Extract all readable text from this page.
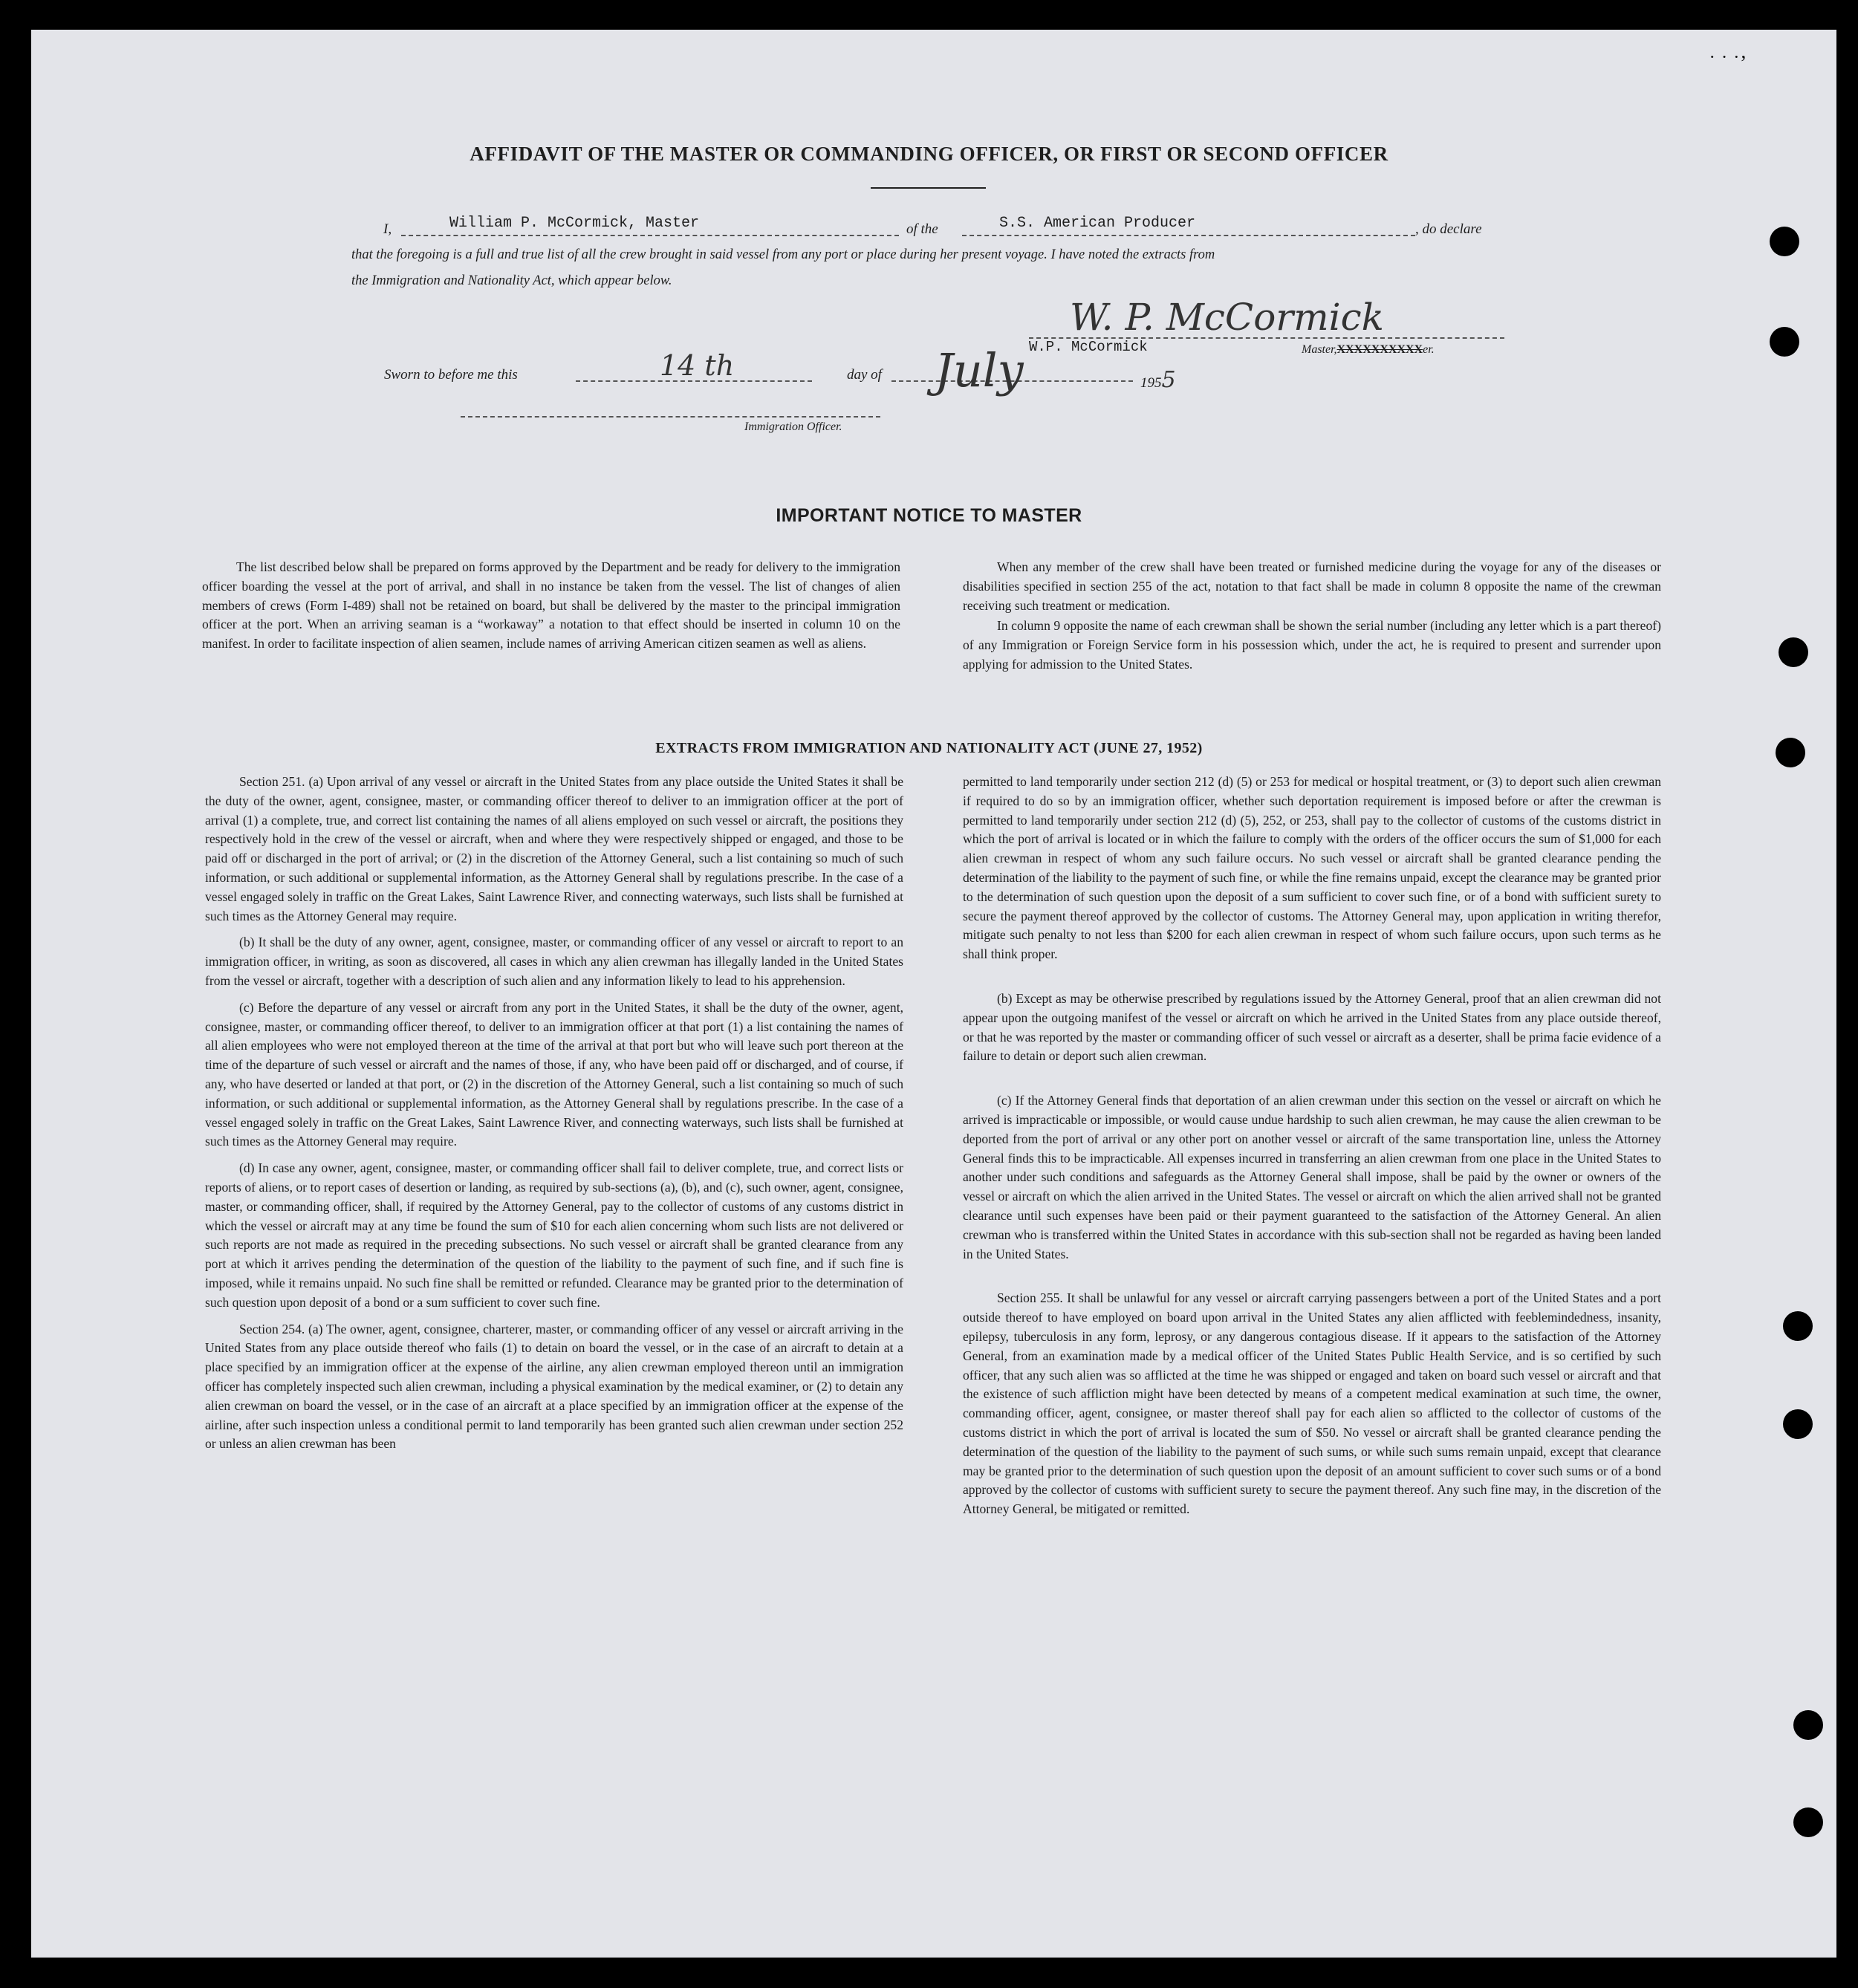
˙ ˙ ˙ʼ
AFFIDAVIT OF THE MASTER OR COMMANDING OFFICER, OR FIRST OR SECOND OFFICER
I,	William P. McCormick, Master	of the	S.S. American Producer	, do declare
that the foregoing is a full and true list of all the crew brought in said vessel from any port or place during her present voyage. I have noted the extracts from
the Immigration and Nationality Act, which appear below.
W. P. McCormick
W.P. McCormick	Master,XXXXXXXXXXer.
Sworn to before me this	14 th	day of July	1955
Immigration Officer.
IMPORTANT NOTICE TO MASTER

The list described below shall be prepared on forms approved by the Department and be ready for delivery to the immigration officer boarding the vessel at the port of arrival, and shall in no instance be taken from the vessel. The list of changes of alien members of crews (Form I-489) shall not be retained on board, but shall be delivered by the master to the principal immigration officer at the port. When an arriving seaman is a “workaway” a notation to that effect should be inserted in column 10 on the manifest. In order to facilitate inspection of alien seamen, include names of arriving American citizen seamen as well as aliens.

When any member of the crew shall have been treated or furnished medicine during the voyage for any of the diseases or disabilities specified in section 255 of the act, notation to that fact shall be made in column 8 opposite the name of the crewman receiving such treatment or medication.

In column 9 opposite the name of each crewman shall be shown the serial number (including any letter which is a part thereof) of any Immigration or Foreign Service form in his possession which, under the act, he is required to present and surrender upon applying for admission to the United States.

EXTRACTS FROM IMMIGRATION AND NATIONALITY ACT (JUNE 27, 1952)

Section 251. (a) Upon arrival of any vessel or aircraft in the United States from any place outside the United States it shall be the duty of the owner, agent, consignee, master, or commanding officer thereof to deliver to an immigration officer at the port of arrival (1) a complete, true, and correct list containing the names of all aliens employed on such vessel or aircraft, the positions they respectively hold in the crew of the vessel or aircraft, when and where they were respectively shipped or engaged, and those to be paid off or discharged in the port of arrival; or (2) in the discretion of the Attorney General, such a list containing so much of such information, or such additional or supplemental information, as the Attorney General shall by regulations prescribe. In the case of a vessel engaged solely in traffic on the Great Lakes, Saint Lawrence River, and connecting waterways, such lists shall be furnished at such times as the Attorney General may require.

(b) It shall be the duty of any owner, agent, consignee, master, or commanding officer of any vessel or aircraft to report to an immigration officer, in writing, as soon as discovered, all cases in which any alien crewman has illegally landed in the United States from the vessel or aircraft, together with a description of such alien and any information likely to lead to his apprehension.

(c) Before the departure of any vessel or aircraft from any port in the United States, it shall be the duty of the owner, agent, consignee, master, or commanding officer thereof, to deliver to an immigration officer at that port (1) a list containing the names of all alien employees who were not employed thereon at the time of the arrival at that port but who will leave such port thereon at the time of the departure of such vessel or aircraft and the names of those, if any, who have been paid off or discharged, and of course, if any, who have deserted or landed at that port, or (2) in the discretion of the Attorney General, such a list containing so much of such information, or such additional or supplemental information, as the Attorney General shall by regulations prescribe. In the case of a vessel engaged solely in traffic on the Great Lakes, Saint Lawrence River, and connecting waterways, such lists shall be furnished at such times as the Attorney General may require.

(d) In case any owner, agent, consignee, master, or commanding officer shall fail to deliver complete, true, and correct lists or reports of aliens, or to report cases of desertion or landing, as required by sub-sections (a), (b), and (c), such owner, agent, consignee, master, or commanding officer, shall, if required by the Attorney General, pay to the collector of customs of any customs district in which the vessel or aircraft may at any time be found the sum of $10 for each alien concerning whom such lists are not delivered or such reports are not made as required in the preceding subsections. No such vessel or aircraft shall be granted clearance from any port at which it arrives pending the determination of the question of the liability to the payment of such fine, and if such fine is imposed, while it remains unpaid. No such fine shall be remitted or refunded. Clearance may be granted prior to the determination of such question upon deposit of a bond or a sum sufficient to cover such fine.

Section 254. (a) The owner, agent, consignee, charterer, master, or commanding officer of any vessel or aircraft arriving in the United States from any place outside thereof who fails (1) to detain on board the vessel, or in the case of an aircraft to detain at a place specified by an immigration officer at the expense of the airline, any alien crewman employed thereon until an immigration officer has completely inspected such alien crewman, including a physical examination by the medical examiner, or (2) to detain any alien crewman on board the vessel, or in the case of an aircraft at a place specified by an immigration officer at the expense of the airline, after such inspection unless a conditional permit to land temporarily has been granted such alien crewman under section 252 or unless an alien crewman has been

permitted to land temporarily under section 212 (d) (5) or 253 for medical or hospital treatment, or (3) to deport such alien crewman if required to do so by an immigration officer, whether such deportation requirement is imposed before or after the crewman is permitted to land temporarily under section 212 (d) (5), 252, or 253, shall pay to the collector of customs of the customs district in which the port of arrival is located or in which the failure to comply with the orders of the officer occurs the sum of $1,000 for each alien crewman in respect of whom any such failure occurs. No such vessel or aircraft shall be granted clearance pending the determination of the liability to the payment of such fine, or while the fine remains unpaid, except the clearance may be granted prior to the determination of such question upon the deposit of a sum sufficient to cover such fine, or of a bond with sufficient surety to secure the payment thereof approved by the collector of customs. The Attorney General may, upon application in writing therefor, mitigate such penalty to not less than $200 for each alien crewman in respect of whom such failure occurs, upon such terms as he shall think proper.

(b) Except as may be otherwise prescribed by regulations issued by the Attorney General, proof that an alien crewman did not appear upon the outgoing manifest of the vessel or aircraft on which he arrived in the United States from any place outside thereof, or that he was reported by the master or commanding officer of such vessel or aircraft as a deserter, shall be prima facie evidence of a failure to detain or deport such alien crewman.

(c) If the Attorney General finds that deportation of an alien crewman under this section on the vessel or aircraft on which he arrived is impracticable or impossible, or would cause undue hardship to such alien crewman, he may cause the alien crewman to be deported from the port of arrival or any other port on another vessel or aircraft of the same transportation line, unless the Attorney General finds this to be impracticable. All expenses incurred in transferring an alien crewman from one place in the United States to another under such conditions and safeguards as the Attorney General shall impose, shall be paid by the owner or owners of the vessel or aircraft on which the alien arrived in the United States. The vessel or aircraft on which the alien arrived shall not be granted clearance until such expenses have been paid or their payment guaranteed to the satisfaction of the Attorney General. An alien crewman who is transferred within the United States in accordance with this sub-section shall not be regarded as having been landed in the United States.

Section 255. It shall be unlawful for any vessel or aircraft carrying passengers between a port of the United States and a port outside thereof to have employed on board upon arrival in the United States any alien afflicted with feeblemindedness, insanity, epilepsy, tuberculosis in any form, leprosy, or any dangerous contagious disease. If it appears to the satisfaction of the Attorney General, from an examination made by a medical officer of the United States Public Health Service, and is so certified by such officer, that any such alien was so afflicted at the time he was shipped or engaged and taken on board such vessel or aircraft and that the existence of such affliction might have been detected by means of a competent medical examination at such time, the owner, commanding officer, agent, consignee, or master thereof shall pay for each alien so afflicted to the collector of customs of the customs district in which the port of arrival is located the sum of $50. No vessel or aircraft shall be granted clearance pending the determination of the question of the liability to the payment of such sums, or while such sums remain unpaid, except that clearance may be granted prior to the determination of such question upon the deposit of an amount sufficient to cover such sums or of a bond approved by the collector of customs with sufficient surety to secure the payment thereof. Any such fine may, in the discretion of the Attorney General, be mitigated or remitted.
